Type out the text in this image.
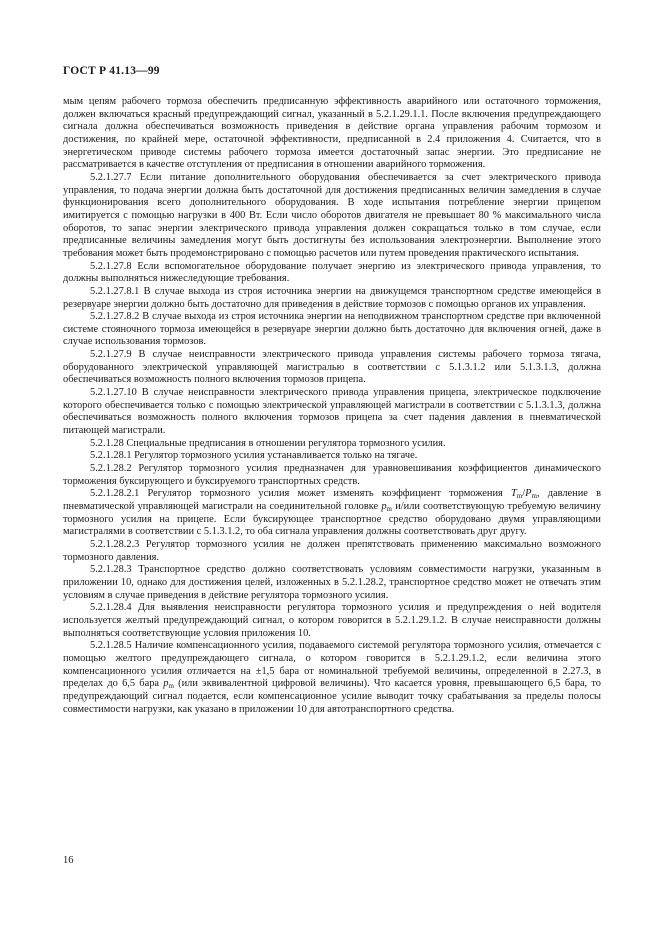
ГОСТ Р 41.13—99

мым цепям рабочего тормоза обеспечить предписанную эффективность аварийного или остаточного торможения, должен включаться красный предупреждающий сигнал, указанный в 5.2.1.29.1.1. После включения предупреждающего сигнала должна обеспечиваться возможность приведения в действие органа управления рабочим тормозом и достижения, по крайней мере, остаточной эффективности, предписанной в 2.4 приложения 4. Считается, что в энергетическом приводе системы рабочего тормоза имеется достаточный запас энергии. Это предписание не рассматривается в качестве отступления от предписания в отношении аварийного торможения.

5.2.1.27.7 Если питание дополнительного оборудования обеспечивается за счет электрического привода управления, то подача энергии должна быть достаточной для достижения предписанных величин замедления в случае функционирования всего дополнительного оборудования. В ходе испытания потребление энергии прицепом имитируется с помощью нагрузки в 400 Вт. Если число оборотов двигателя не превышает 80 % максимального числа оборотов, то запас энергии электрического привода управления должен сокращаться только в том случае, если предписанные величины замедления могут быть достигнуты без использования электроэнергии. Выполнение этого требования может быть продемонстрировано с помощью расчетов или путем проведения практического испытания.

5.2.1.27.8 Если вспомогательное оборудование получает энергию из электрического привода управления, то должны выполняться нижеследующие требования.

5.2.1.27.8.1 В случае выхода из строя источника энергии на движущемся транспортном средстве имеющейся в резервуаре энергии должно быть достаточно для приведения в действие тормозов с помощью органов их управления.

5.2.1.27.8.2 В случае выхода из строя источника энергии на неподвижном транспортном средстве при включенной системе стояночного тормоза имеющейся в резервуаре энергии должно быть достаточно для включения огней, даже в случае использования тормозов.

5.2.1.27.9 В случае неисправности электрического привода управления системы рабочего тормоза тягача, оборудованного электрической управляющей магистралью в соответствии с 5.1.3.1.2 или 5.1.3.1.3, должна обеспечиваться возможность полного включения тормозов прицепа.

5.2.1.27.10 В случае неисправности электрического привода управления прицепа, электрическое подключение которого обеспечивается только с помощью электрической управляющей магистрали в соответствии с 5.1.3.1.3, должна обеспечиваться возможность полного включения тормозов прицепа за счет падения давления в пневматической питающей магистрали.

5.2.1.28 Специальные предписания в отношении регулятора тормозного усилия.

5.2.1.28.1 Регулятор тормозного усилия устанавливается только на тягаче.

5.2.1.28.2 Регулятор тормозного усилия предназначен для уравновешивания коэффициентов динамического торможения буксирующего и буксируемого транспортных средств.

5.2.1.28.2.1 Регулятор тормозного усилия может изменять коэффициент торможения $T_m/P_m$, давление в пневматической управляющей магистрали на соединительной головке $p_m$ и/или соответствующую требуемую величину тормозного усилия на прицепе. Если буксирующее транспортное средство оборудовано двумя управляющими магистралями в соответствии с 5.1.3.1.2, то оба сигнала управления должны соответствовать друг другу.

5.2.1.28.2.3 Регулятор тормозного усилия не должен препятствовать применению максимально возможного тормозного давления.

5.2.1.28.3 Транспортное средство должно соответствовать условиям совместимости нагрузки, указанным в приложении 10, однако для достижения целей, изложенных в 5.2.1.28.2, транспортное средство может не отвечать этим условиям в случае приведения в действие регулятора тормозного усилия.

5.2.1.28.4 Для выявления неисправности регулятора тормозного усилия и предупреждения о ней водителя используется желтый предупреждающий сигнал, о котором говорится в 5.2.1.29.1.2. В случае неисправности должны выполняться соответствующие условия приложения 10.

5.2.1.28.5 Наличие компенсационного усилия, подаваемого системой регулятора тормозного усилия, отмечается с помощью желтого предупреждающего сигнала, о котором говорится в 5.2.1.29.1.2, если величина этого компенсационного усилия отличается на ±1,5 бара от номинальной требуемой величины, определенной в 2.27.3, в пределах до 6,5 бара $p_m$ (или эквивалентной цифровой величины). Что касается уровня, превышающего 6,5 бара, то предупреждающий сигнал подается, если компенсационное усилие выводит точку срабатывания за пределы полосы совместимости нагрузки, как указано в приложении 10 для автотранспортного средства.

16
